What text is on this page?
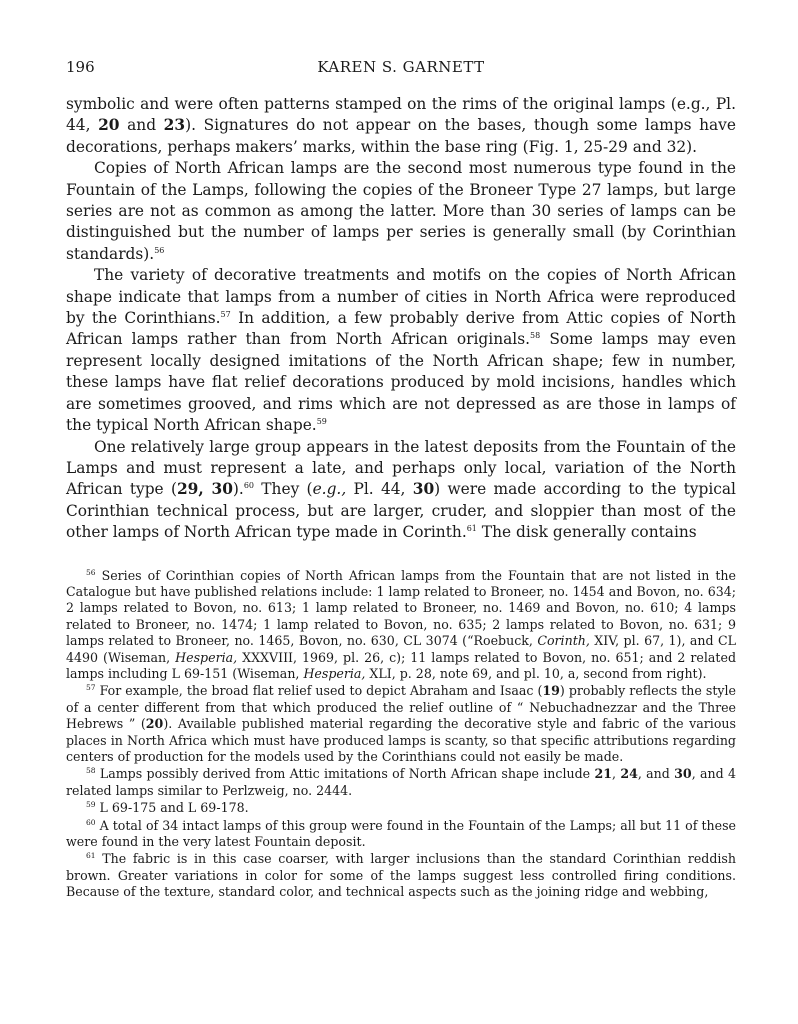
196	KAREN S. GARNETT

symbolic and were often patterns stamped on the rims of the original lamps (e.g., Pl. 44, 20 and 23). Signatures do not appear on the bases, though some lamps have decorations, perhaps makers’ marks, within the base ring (Fig. 1, 25-29 and 32).

Copies of North African lamps are the second most numerous type found in the Fountain of the Lamps, following the copies of the Broneer Type 27 lamps, but large series are not as common as among the latter. More than 30 series of lamps can be distinguished but the number of lamps per series is generally small (by Corinthian standards).$^{56}$

The variety of decorative treatments and motifs on the copies of North African shape indicate that lamps from a number of cities in North Africa were reproduced by the Corinthians.$^{57}$ In addition, a few probably derive from Attic copies of North African lamps rather than from North African originals.$^{58}$ Some lamps may even represent locally designed imitations of the North African shape; few in number, these lamps have flat relief decorations produced by mold incisions, handles which are sometimes grooved, and rims which are not depressed as are those in lamps of the typical North African shape.$^{59}$

One relatively large group appears in the latest deposits from the Fountain of the Lamps and must represent a late, and perhaps only local, variation of the North African type (29, 30).$^{60}$ They (e.g., Pl. 44, 30) were made according to the typical Corinthian technical process, but are larger, cruder, and sloppier than most of the other lamps of North African type made in Corinth.$^{61}$ The disk generally contains

$^{56}$ Series of Corinthian copies of North African lamps from the Fountain that are not listed in the Catalogue but have published relations include: 1 lamp related to Broneer, no. 1454 and Bovon, no. 634; 2 lamps related to Bovon, no. 613; 1 lamp related to Broneer, no. 1469 and Bovon, no. 610; 4 lamps related to Broneer, no. 1474; 1 lamp related to Bovon, no. 635; 2 lamps related to Bovon, no. 631; 9 lamps related to Broneer, no. 1465, Bovon, no. 630, CL 3074 (“Roebuck, Corinth, XIV, pl. 67, 1), and CL 4490 (Wiseman, Hesperia, XXXVIII, 1969, pl. 26, c); 11 lamps related to Bovon, no. 651; and 2 related lamps including L 69-151 (Wiseman, Hesperia, XLI, p. 28, note 69, and pl. 10, a, second from right).

$^{57}$ For example, the broad flat relief used to depict Abraham and Isaac (19) probably reflects the style of a center different from that which produced the relief outline of “ Nebuchadnezzar and the Three Hebrews ” (20). Available published material regarding the decorative style and fabric of the various places in North Africa which must have produced lamps is scanty, so that specific attributions regarding centers of production for the models used by the Corinthians could not easily be made.

$^{58}$ Lamps possibly derived from Attic imitations of North African shape include 21, 24, and 30, and 4 related lamps similar to Perlzweig, no. 2444.

$^{59}$ L 69-175 and L 69-178.

$^{60}$ A total of 34 intact lamps of this group were found in the Fountain of the Lamps; all but 11 of these were found in the very latest Fountain deposit.

$^{61}$ The fabric is in this case coarser, with larger inclusions than the standard Corinthian reddish brown. Greater variations in color for some of the lamps suggest less controlled firing conditions. Because of the texture, standard color, and technical aspects such as the joining ridge and webbing,
